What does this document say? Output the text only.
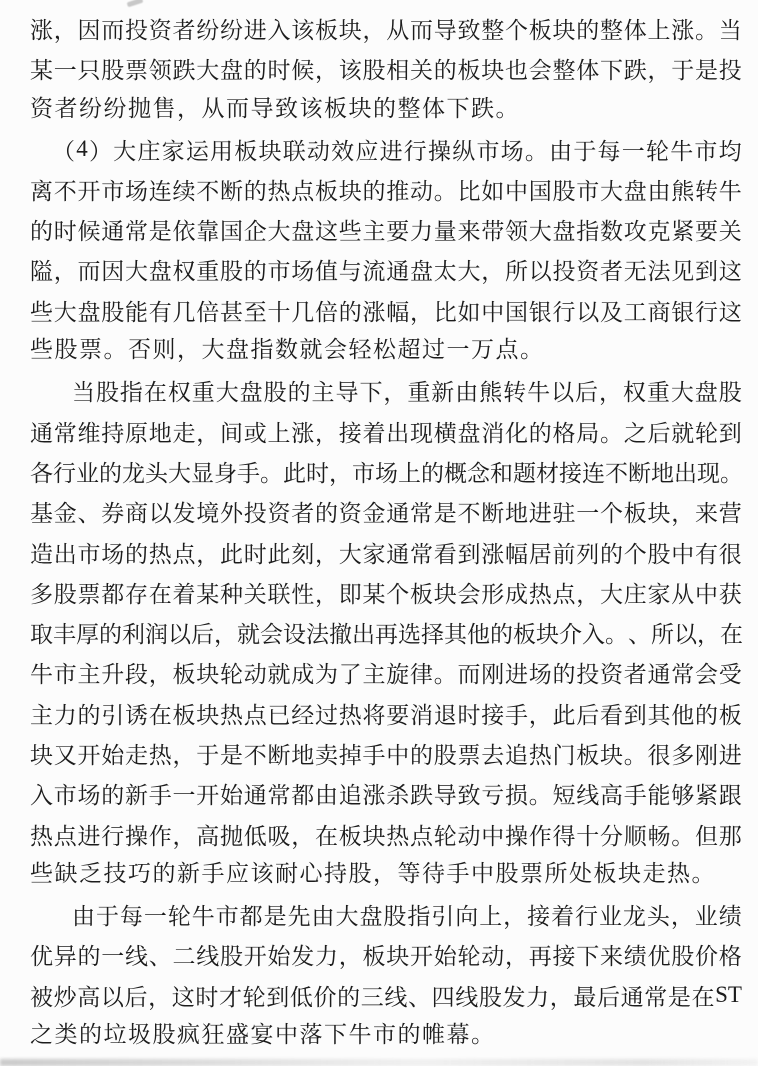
涨 ， 因 而 投 资 者 纷 纷 进 入 该 板 块 ， 从 而 导 致 整 个 板 块 的 整 体 上 涨 。 当
某 一 只 股 票 领 跌 大 盘 的 时 候 ， 该 股 相 关 的 板 块 也 会 整 体 下 跌 ， 于 是 投
资者纷纷抛售，从而导致该板块的整体下跌。
（ 4 ） 大 庄 家 运 用 板 块 联 动 效 应 进 行 操 纵 市 场 。 由 于 每 一 轮 牛 市 均
离 不 开 市 场 连 续 不 断 的 热 点 板 块 的 推 动 。 比 如 中 国 股 市 大 盘 由 熊 转 牛
的 时 候 通 常 是 依 靠 国 企 大 盘 这 些 主 要 力 量 来 带 领 大 盘 指 数 攻 克 紧 要 关
隘 ， 而 因 大 盘 权 重 股 的 市 场 值 与 流 通 盘 太 大 ， 所 以 投 资 者 无 法 见 到 这
些 大 盘 股 能 有 几 倍 甚 至 十 几 倍 的 涨 幅 ， 比 如 中 国 银 行 以 及 工 商 银 行 这
些股票。否则，大盘指数就会轻松超过一万点。
当 股 指 在 权 重 大 盘 股 的 主 导 下 ， 重 新 由 熊 转 牛 以 后 ， 权 重 大 盘 股
通 常 维 持 原 地 走 ， 间 或 上 涨 ， 接 着 出 现 横 盘 消 化 的 格 局 。 之 后 就 轮 到
各 行 业 的 龙 头 大 显 身 手 。 此 时 ， 市 场 上 的 概 念 和 题 材 接 连 不 断 地 出 现 。
基 金 、 券 商 以 发 境 外 投 资 者 的 资 金 通 常 是 不 断 地 进 驻 一 个 板 块 ， 来 营
造 出 市 场 的 热 点 ， 此 时 此 刻 ， 大 家 通 常 看 到 涨 幅 居 前 列 的 个 股 中 有 很
多 股 票 都 存 在 着 某 种 关 联 性 ， 即 某 个 板 块 会 形 成 热 点 ， 大 庄 家 从 中 获
取 丰 厚 的 利 润 以 后 ， 就 会 设 法 撤 出 再 选 择 其 他 的 板 块 介 入 。 、 所 以 ， 在
牛 市 主 升 段 ， 板 块 轮 动 就 成 为 了 主 旋 律 。 而 刚 进 场 的 投 资 者 通 常 会 受
主 力 的 引 诱 在 板 块 热 点 已 经 过 热 将 要 消 退 时 接 手 ， 此 后 看 到 其 他 的 板
块 又 开 始 走 热 ， 于 是 不 断 地 卖 掉 手 中 的 股 票 去 追 热 门 板 块 。 很 多 刚 进
入 市 场 的 新 手 一 开 始 通 常 都 由 追 涨 杀 跌 导 致 亏 损 。 短 线 高 手 能 够 紧 跟
热 点 进 行 操 作 ， 高 抛 低 吸 ， 在 板 块 热 点 轮 动 中 操 作 得 十 分 顺 畅 。 但 那
些缺乏技巧的新手应该耐心持股，等待手中股票所处板块走热。
由 于 每 一 轮 牛 市 都 是 先 由 大 盘 股 指 引 向 上 ， 接 着 行 业 龙 头 ， 业 绩
优 异 的 一 线 、 二 线 股 开 始 发 力 ， 板 块 开 始 轮 动 ， 再 接 下 来 绩 优 股 价 格
被 炒 高 以 后 ， 这 时 才 轮 到 低 价 的 三 线 、 四 线 股 发 力 ， 最 后 通 常 是 在 ST
之类的垃圾股疯狂盛宴中落下牛市的帷幕。
